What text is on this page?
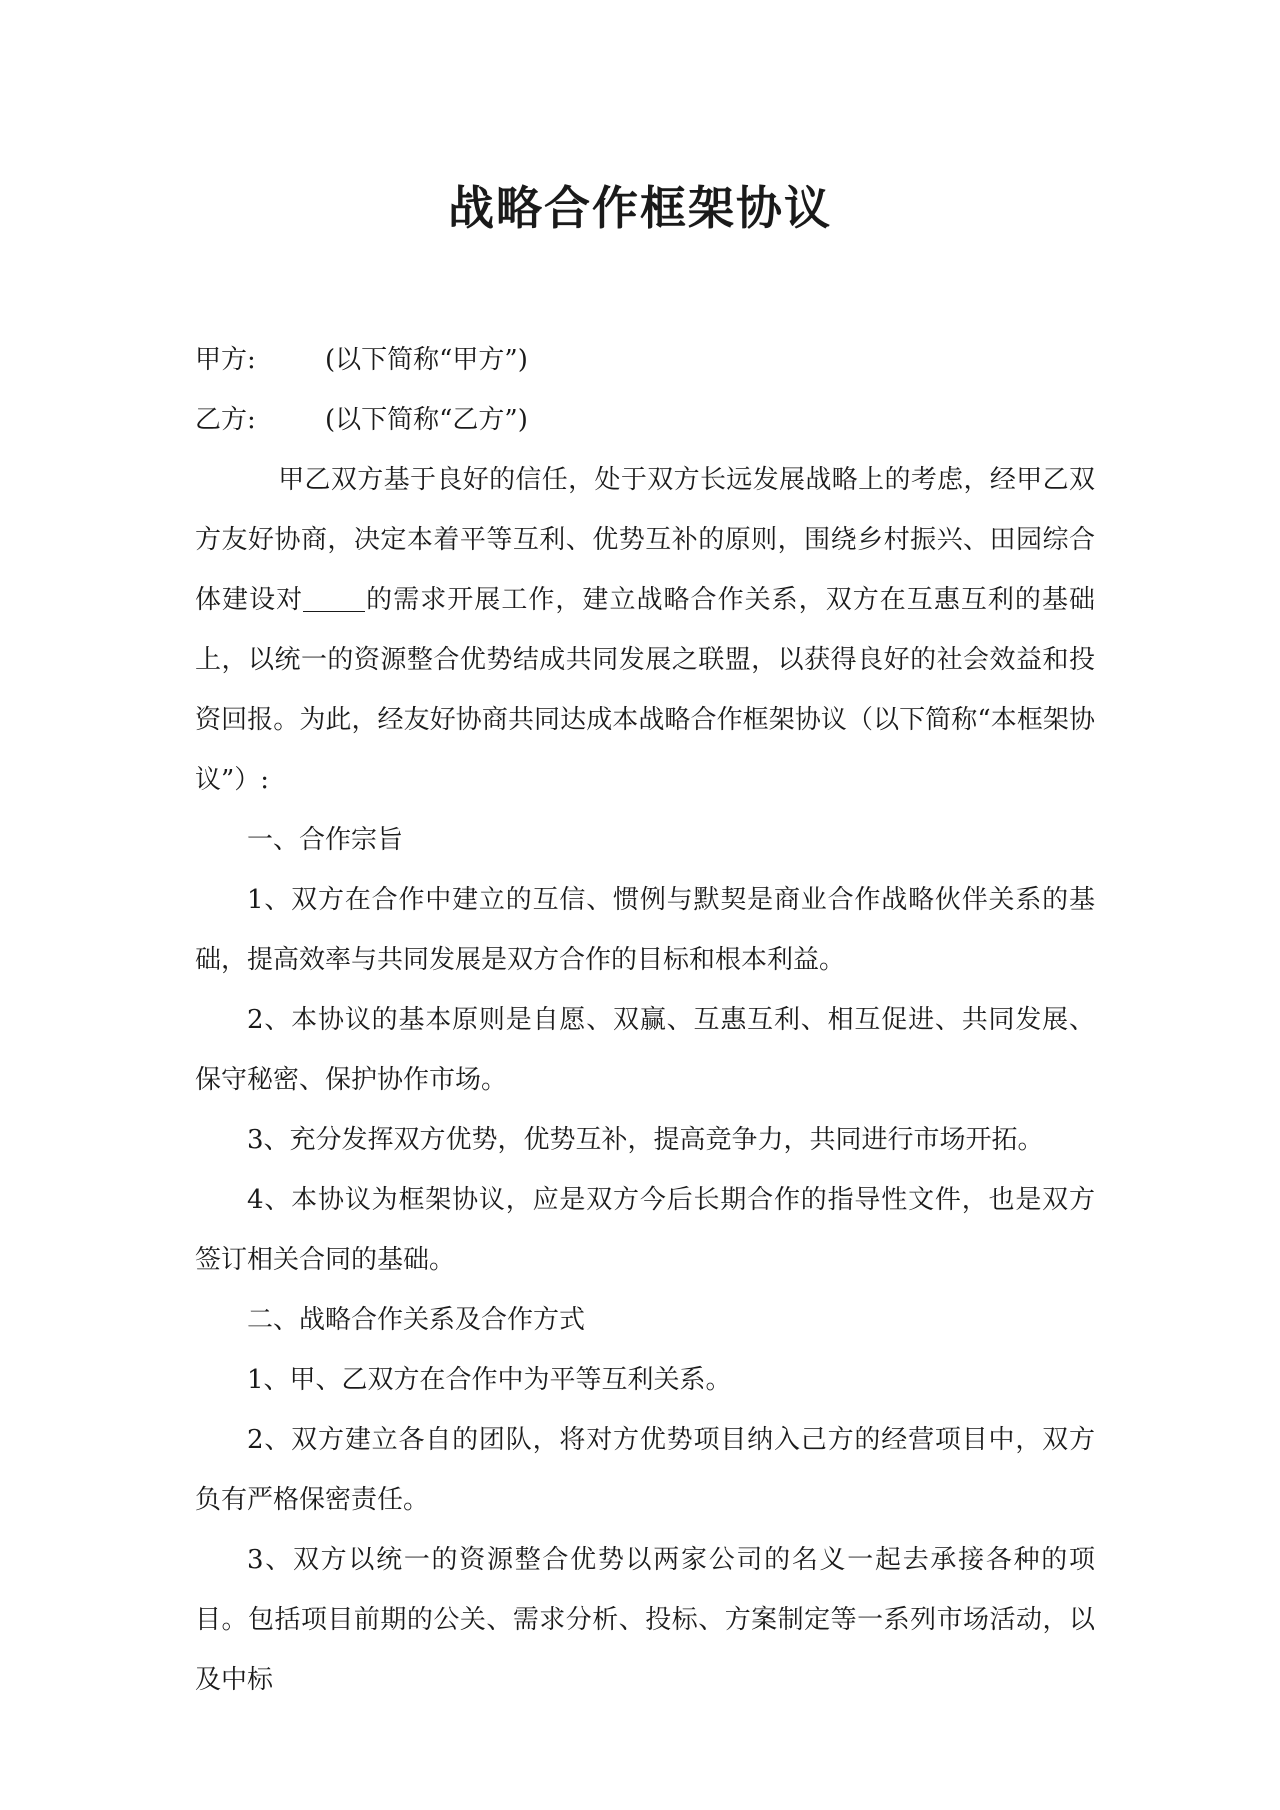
战略合作框架协议

甲方:	(以下简称“甲方”)

乙方:	(以下简称“乙方”)

甲乙双方基于良好的信任，处于双方长远发展战略上的考虑，经甲乙双方友好协商，决定本着平等互利、优势互补的原则，围绕乡村振兴、田园综合体建设对 的需求开展工作，建立战略合作关系，双方在互惠互利的基础上，以统一的资源整合优势结成共同发展之联盟，以获得良好的社会效益和投资回报。为此，经友好协商共同达成本战略合作框架协议（以下简称“本框架协议”）:

一、合作宗旨

1、双方在合作中建立的互信、惯例与默契是商业合作战略伙伴关系的基础，提高效率与共同发展是双方合作的目标和根本利益。

2、本协议的基本原则是自愿、双赢、互惠互利、相互促进、共同发展、保守秘密、保护协作市场。

3、充分发挥双方优势，优势互补，提高竞争力，共同进行市场开拓。

4、本协议为框架协议，应是双方今后长期合作的指导性文件，也是双方签订相关合同的基础。

二、战略合作关系及合作方式

1、甲、乙双方在合作中为平等互利关系。

2、双方建立各自的团队，将对方优势项目纳入己方的经营项目中，双方负有严格保密责任。

3、双方以统一的资源整合优势以两家公司的名义一起去承接各种的项目。包括项目前期的公关、需求分析、投标、方案制定等一系列市场活动，以及中标
